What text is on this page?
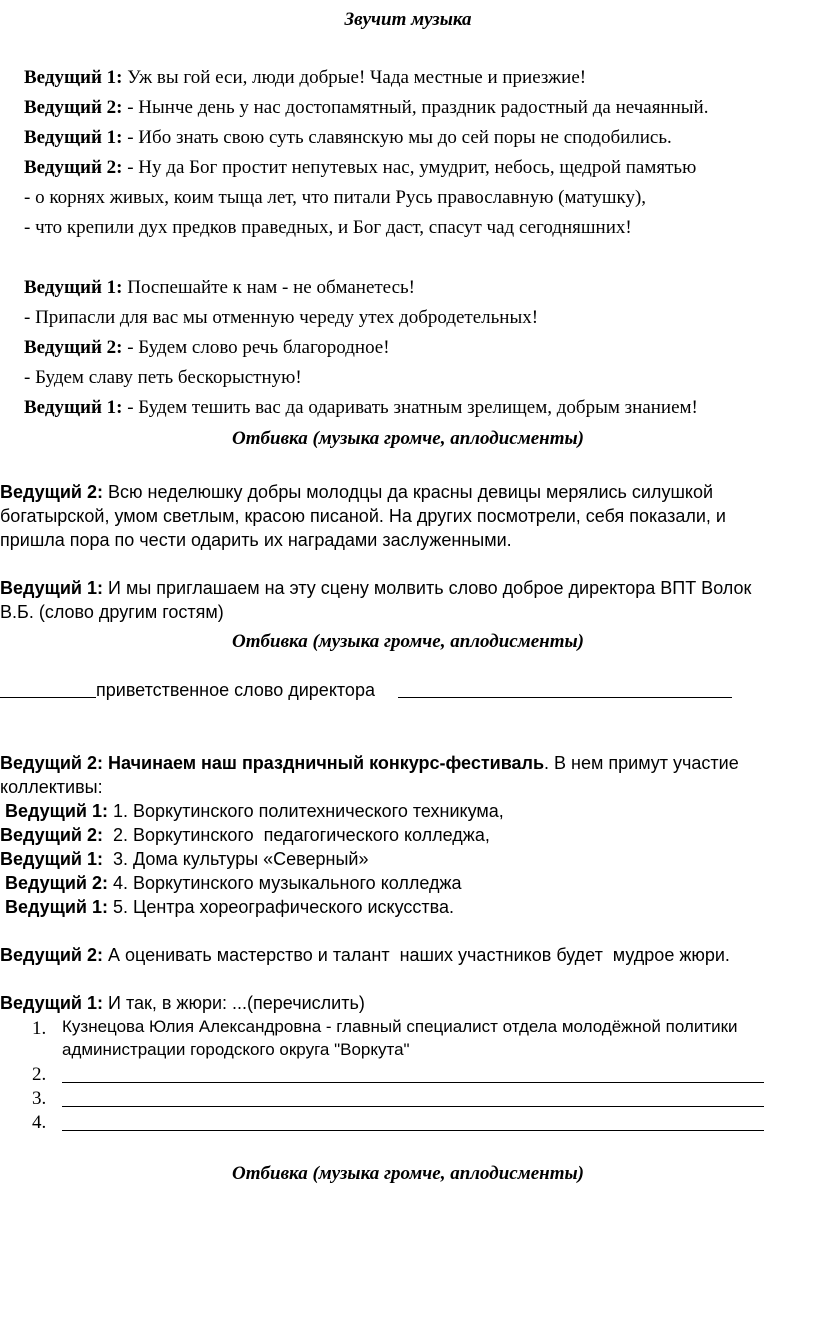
Звучит музыка
Ведущий 1: Уж вы гой еси, люди добрые! Чада местные и приезжие!
Ведущий 2: - Нынче день у нас достопамятный, праздник радостный да нечаянный.
Ведущий 1: - Ибо знать свою суть славянскую мы до сей поры не сподобились.
Ведущий 2: - Ну да Бог простит непутевых нас, умудрит, небось, щедрой памятью
- о корнях живых, коим тыща лет, что питали Русь православную (матушку),
- что крепили дух предков праведных, и Бог даст, спасут чад сегодняшних!
Ведущий 1: Поспешайте к нам - не обманетесь!
- Припасли для вас мы отменную череду утех добродетельных!
Ведущий 2: - Будем слово речь благородное!
- Будем славу петь бескорыстную!
Ведущий 1: - Будем тешить вас да одаривать знатным зрелищем, добрым знанием!
Отбивка (музыка громче, аплодисменты)
Ведущий 2: Всю неделюшку добры молодцы да красны девицы мерялись силушкой
богатырской, умом светлым, красою писаной. На других посмотрели, себя показали, и
пришла пора по чести одарить их наградами заслуженными.
Ведущий 1: И мы приглашаем на эту сцену молвить слово доброе директора ВПТ Волок
В.Б. (слово другим гостям)
Отбивка (музыка громче, аплодисменты)
приветственное слово директора
Ведущий 2: Начинаем наш праздничный конкурс-фестиваль. В нем примут участие
коллективы:
Ведущий 1: 1. Воркутинского политехнического техникума,
Ведущий 2:  2. Воркутинского  педагогического колледжа,
Ведущий 1:  3. Дома культуры «Северный»
Ведущий 2: 4. Воркутинского музыкального колледжа
Ведущий 1: 5. Центра хореографического искусства.
Ведущий 2: А оценивать мастерство и талант  наших участников будет  мудрое жюри.
Ведущий 1: И так, в жюри: ...(перечислить)
1. Кузнецова Юлия Александровна - главный специалист отдела молодёжной политики
администрации городского округа "Воркута"
2.
3.
4.
Отбивка (музыка громче, аплодисменты)
